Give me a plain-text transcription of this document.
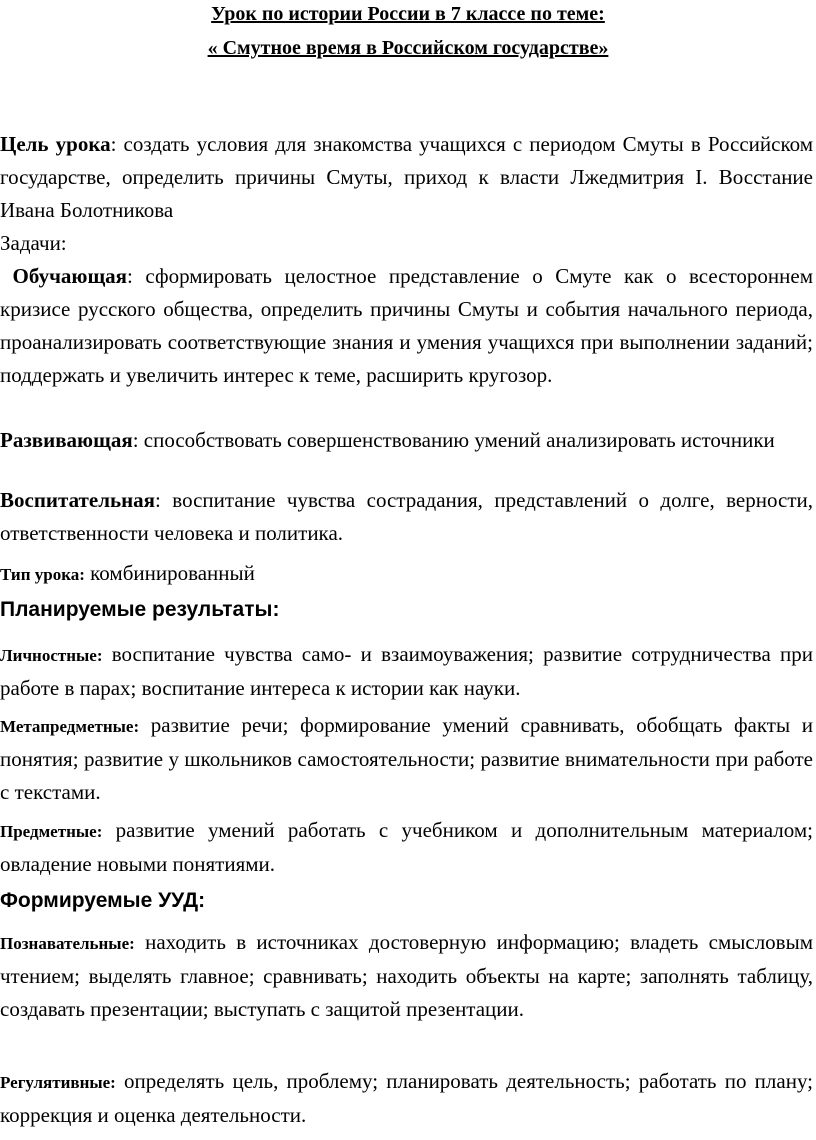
Урок по истории России в 7 классе по теме:
« Смутное время в Российском государстве»
Цель урока: создать условия для знакомства учащихся с периодом Смуты в Российском государстве, определить причины Смуты, приход к власти Лжедмитрия I. Восстание Ивана Болотникова
Задачи:
Обучающая: сформировать целостное представление о Смуте как о всестороннем кризисе русского общества, определить причины Смуты и события начального периода, проанализировать соответствующие знания и умения учащихся при выполнении заданий; поддержать и увеличить интерес к теме, расширить кругозор.
Развивающая: способствовать совершенствованию умений анализировать источники
Воспитательная: воспитание чувства сострадания, представлений о долге, верности, ответственности человека и политика.
Тип урока: комбинированный
Планируемые результаты:
Личностные: воспитание чувства само- и взаимоуважения; развитие сотрудничества при работе в парах; воспитание интереса к истории как науки.
Метапредметные: развитие речи; формирование умений сравнивать, обобщать факты и понятия; развитие у школьников самостоятельности; развитие внимательности при работе с текстами.
Предметные: развитие умений работать с учебником и дополнительным материалом; овладение новыми понятиями.
Формируемые УУД:
Познавательные: находить в источниках достоверную информацию; владеть смысловым чтением; выделять главное; сравнивать; находить объекты на карте; заполнять таблицу, создавать презентации; выступать с защитой презентации.
Регулятивные: определять цель, проблему; планировать деятельность; работать по плану; коррекция и оценка деятельности.
